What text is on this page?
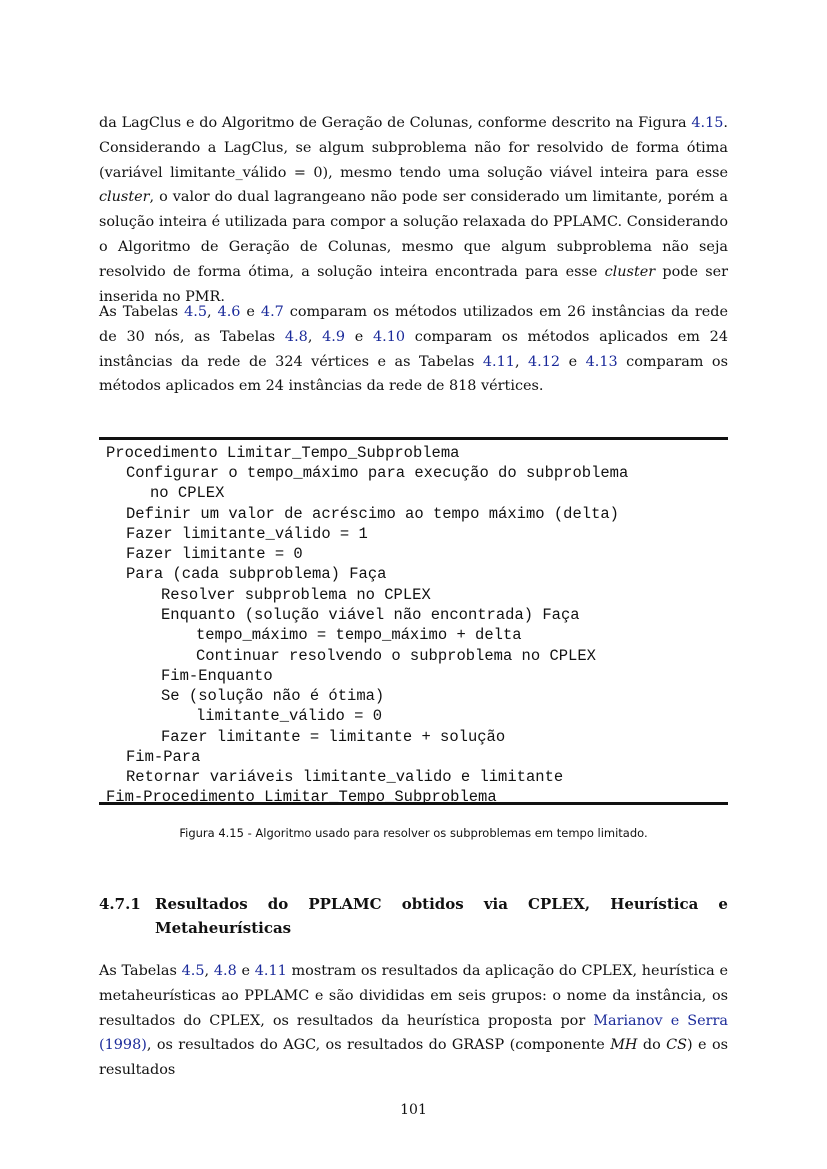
da LagClus e do Algoritmo de Geração de Colunas, conforme descrito na Figura 4.15. Considerando a LagClus, se algum subproblema não for resolvido de forma ótima (variável limitante_válido = 0), mesmo tendo uma solução viável inteira para esse cluster, o valor do dual lagrangeano não pode ser considerado um limitante, porém a solução inteira é utilizada para compor a solução relaxada do PPLAMC. Considerando o Algoritmo de Geração de Colunas, mesmo que algum subproblema não seja resolvido de forma ótima, a solução inteira encontrada para esse cluster pode ser inserida no PMR.

As Tabelas 4.5, 4.6 e 4.7 comparam os métodos utilizados em 26 instâncias da rede de 30 nós, as Tabelas 4.8, 4.9 e 4.10 comparam os métodos aplicados em 24 instâncias da rede de 324 vértices e as Tabelas 4.11, 4.12 e 4.13 comparam os métodos aplicados em 24 instâncias da rede de 818 vértices.

Procedimento Limitar_Tempo_Subproblema
Configurar o tempo_máximo para execução do subproblema
no CPLEX
Definir um valor de acréscimo ao tempo máximo (delta)
Fazer limitante_válido = 1
Fazer limitante = 0
Para (cada subproblema) Faça
Resolver subproblema no CPLEX
Enquanto (solução viável não encontrada) Faça
tempo_máximo = tempo_máximo + delta
Continuar resolvendo o subproblema no CPLEX
Fim-Enquanto
Se (solução não é ótima)
limitante_válido = 0
Fazer limitante = limitante + solução
Fim-Para
Retornar variáveis limitante_valido e limitante
Fim-Procedimento Limitar_Tempo_Subproblema
Figura 4.15 - Algoritmo usado para resolver os subproblemas em tempo limitado.
4.7.1 Resultados do PPLAMC obtidos via CPLEX, Heurística e
Metaheurísticas

As Tabelas 4.5, 4.8 e 4.11 mostram os resultados da aplicação do CPLEX, heurística e metaheurísticas ao PPLAMC e são divididas em seis grupos: o nome da instância, os resultados do CPLEX, os resultados da heurística proposta por Marianov e Serra (1998), os resultados do AGC, os resultados do GRASP (componente MH do CS) e os resultados

101
